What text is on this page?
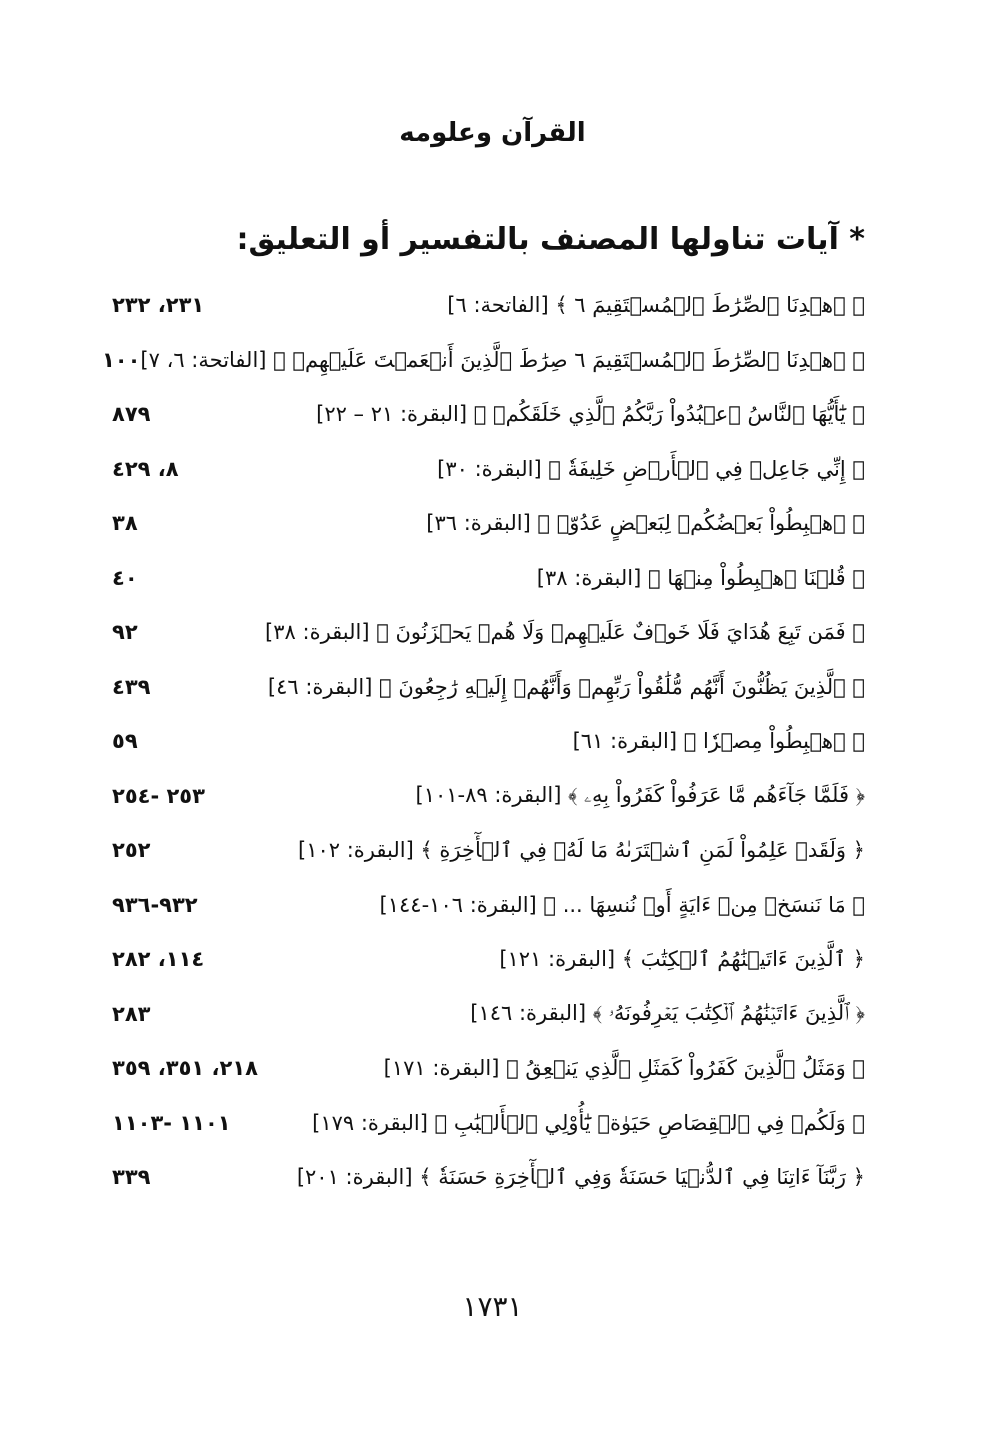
القرآن وعلومه
* آيات تناولها المصنف بالتفسير أو التعليق:
﴿ ٱهۡدِنَا ٱلصِّرَٰطَ ٱلۡمُسۡتَقِيمَ ٦ ﴾ [الفاتحة: ٦]
٢٣١، ٢٣٢
﴿ ٱهۡدِنَا ٱلصِّرَٰطَ ٱلۡمُسۡتَقِيمَ ٦ صِرَٰطَ ٱلَّذِينَ أَنۡعَمۡتَ عَلَيۡهِمۡ ﴾ [الفاتحة: ٦، ٧]
١٠٠
﴿ يَٰٓأَيُّهَا ٱلنَّاسُ ٱعۡبُدُواْ رَبَّكُمُ ٱلَّذِي خَلَقَكُمۡ ﴾ [البقرة: ٢١ – ٢٢]
٨٧٩
﴿ إِنِّي جَاعِلٞ فِي ٱلۡأَرۡضِ خَلِيفَةٗ ﴾ [البقرة: ٣٠]
٨، ٤٢٩
﴿ ٱهۡبِطُواْ بَعۡضُكُمۡ لِبَعۡضٍ عَدُوّٞ ﴾ [البقرة: ٣٦]
٣٨
﴿ قُلۡنَا ٱهۡبِطُواْ مِنۡهَا ﴾ [البقرة: ٣٨]
٤٠
﴿ فَمَن تَبِعَ هُدَايَ فَلَا خَوۡفٌ عَلَيۡهِمۡ وَلَا هُمۡ يَحۡزَنُونَ ﴾ [البقرة: ٣٨]
٩٢
﴿ ٱلَّذِينَ يَظُنُّونَ أَنَّهُم مُّلَٰقُواْ رَبِّهِمۡ وَأَنَّهُمۡ إِلَيۡهِ رَٰجِعُونَ ﴾ [البقرة: ٤٦]
٤٣٩
﴿ ٱهۡبِطُواْ مِصۡرٗا ﴾ [البقرة: ٦١]
٥٩
﴿ فَلَمَّا جَآءَهُم مَّا عَرَفُواْ كَفَرُواْ بِهِۦ ﴾ [البقرة: ٨٩-١٠١]
٢٥٣ -٢٥٤
﴿ وَلَقَدۡ عَلِمُواْ لَمَنِ ٱشۡتَرَىٰهُ مَا لَهُۥ فِي ٱلۡأٓخِرَةِ ﴾ [البقرة: ١٠٢]
٢٥٢
﴿ مَا نَنسَخۡ مِنۡ ءَايَةٍ أَوۡ نُنسِهَا ... ﴾ [البقرة: ١٠٦-١٤٤]
٩٣٢-٩٣٦
﴿ ٱلَّذِينَ ءَاتَيۡنَٰهُمُ ٱلۡكِتَٰبَ ﴾ [البقرة: ١٢١]
١١٤، ٢٨٢
﴿ ٱلَّذِينَ ءَاتَيۡنَٰهُمُ ٱلۡكِتَٰبَ يَعۡرِفُونَهُۥ ﴾ [البقرة: ١٤٦]
٢٨٣
﴿ وَمَثَلُ ٱلَّذِينَ كَفَرُواْ كَمَثَلِ ٱلَّذِي يَنۡعِقُ ﴾ [البقرة: ١٧١]
٢١٨، ٣٥١، ٣٥٩
﴿ وَلَكُمۡ فِي ٱلۡقِصَاصِ حَيَوٰةٞ يَٰٓأُوْلِي ٱلۡأَلۡبَٰبِ ﴾ [البقرة: ١٧٩]
١١٠١ -١١٠٣
﴿ رَبَّنَآ ءَاتِنَا فِي ٱلدُّنۡيَا حَسَنَةٗ وَفِي ٱلۡأٓخِرَةِ حَسَنَةٗ ﴾ [البقرة: ٢٠١]
٣٣٩
١٧٣١
